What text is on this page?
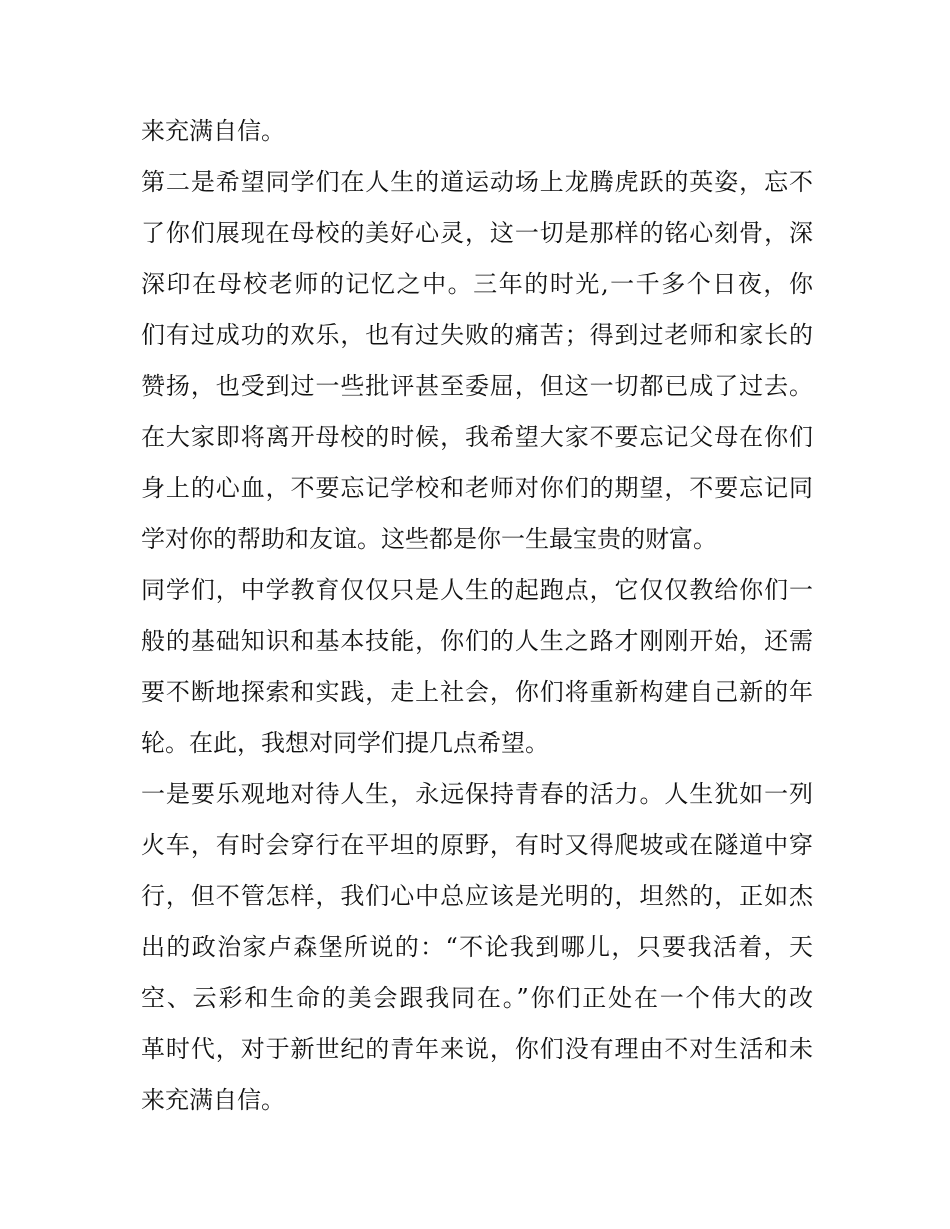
来充满自信。
第二是希望同学们在人生的道运动场上龙腾虎跃的英姿，忘不
了你们展现在母校的美好心灵，这一切是那样的铭心刻骨，深
深印在母校老师的记忆之中。三年的时光,一千多个日夜，你
们有过成功的欢乐，也有过失败的痛苦；得到过老师和家长的
赞扬，也受到过一些批评甚至委屈，但这一切都已成了过去。
在大家即将离开母校的时候，我希望大家不要忘记父母在你们
身上的心血，不要忘记学校和老师对你们的期望，不要忘记同
学对你的帮助和友谊。这些都是你一生最宝贵的财富。
同学们，中学教育仅仅只是人生的起跑点，它仅仅教给你们一
般的基础知识和基本技能，你们的人生之路才刚刚开始，还需
要不断地探索和实践，走上社会，你们将重新构建自己新的年
轮。在此，我想对同学们提几点希望。
一是要乐观地对待人生，永远保持青春的活力。人生犹如一列
火车，有时会穿行在平坦的原野，有时又得爬坡或在隧道中穿
行，但不管怎样，我们心中总应该是光明的，坦然的，正如杰
出的政治家卢森堡所说的：“不论我到哪儿，只要我活着，天
空、云彩和生命的美会跟我同在。”你们正处在一个伟大的改
革时代，对于新世纪的青年来说，你们没有理由不对生活和未
来充满自信。
